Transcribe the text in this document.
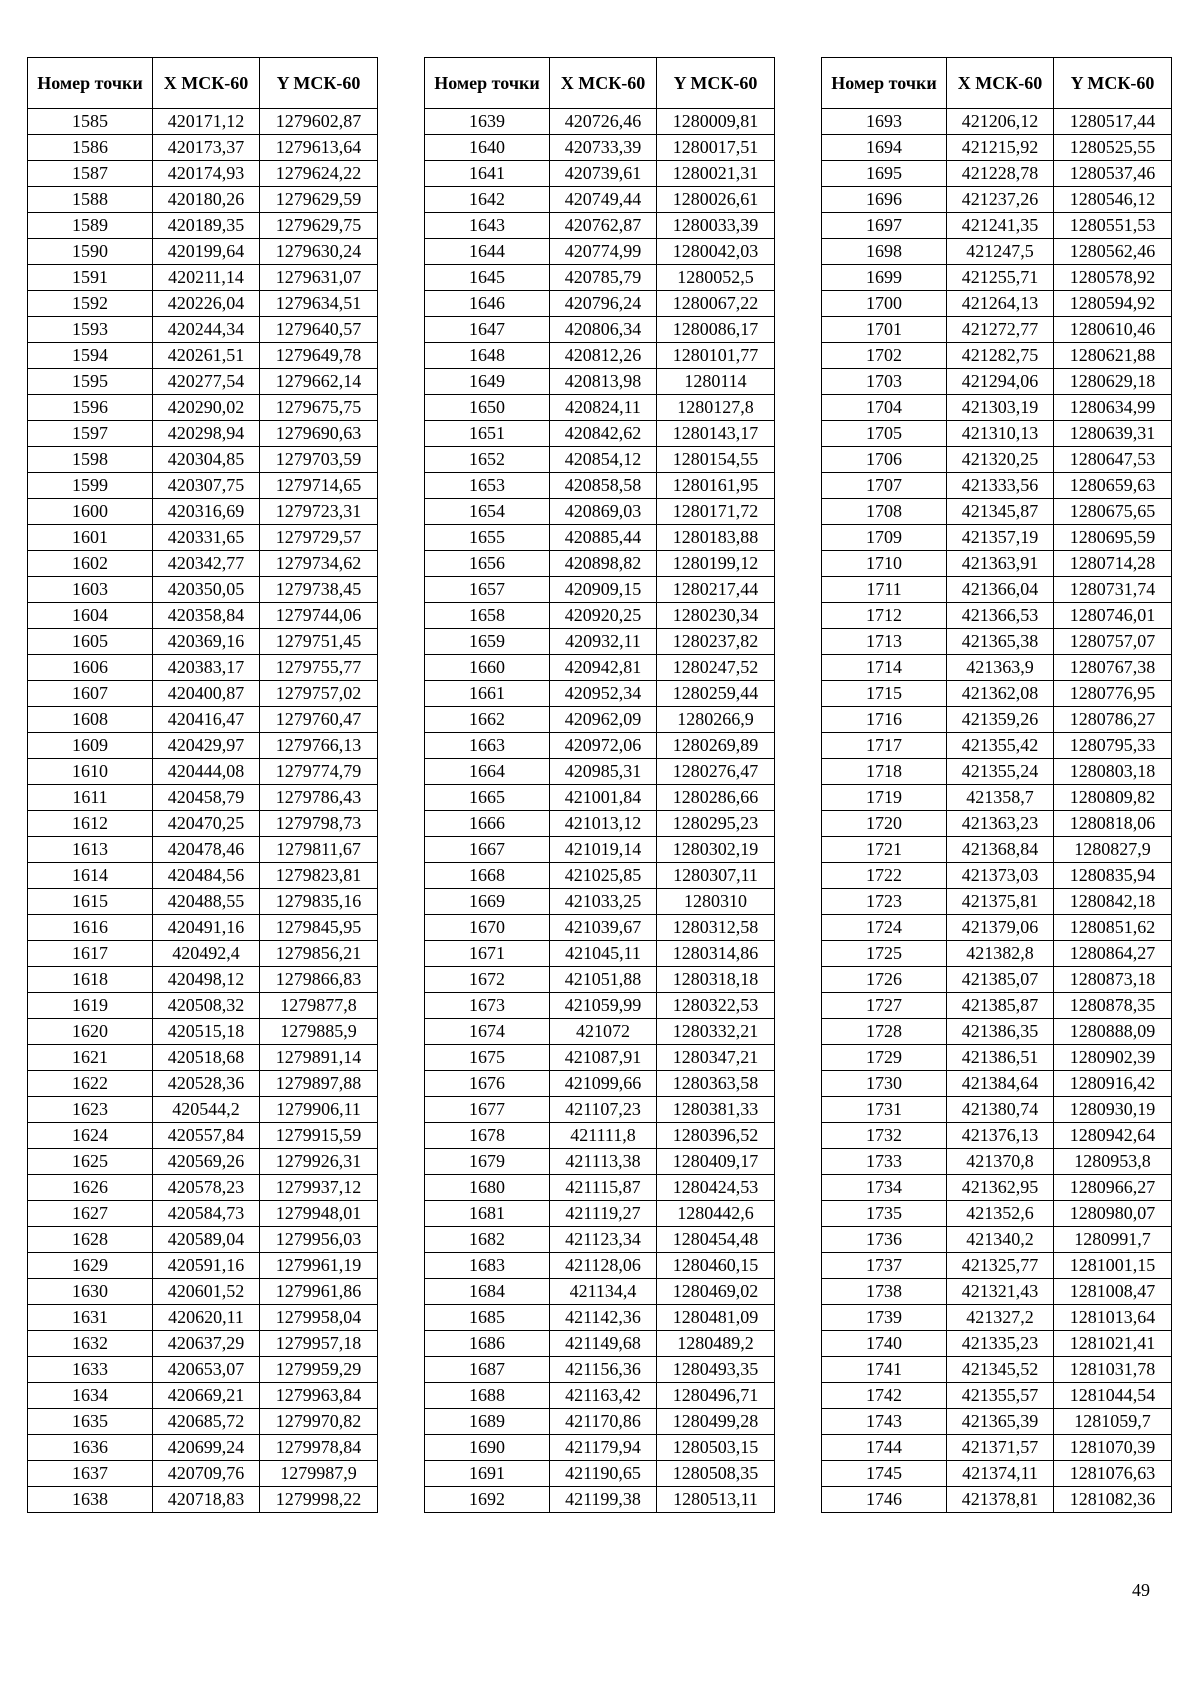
Номер точки	X МСК-60	Y МСК-60
1585	420171,12	1279602,87
1586	420173,37	1279613,64
1587	420174,93	1279624,22
1588	420180,26	1279629,59
1589	420189,35	1279629,75
1590	420199,64	1279630,24
1591	420211,14	1279631,07
1592	420226,04	1279634,51
1593	420244,34	1279640,57
1594	420261,51	1279649,78
1595	420277,54	1279662,14
1596	420290,02	1279675,75
1597	420298,94	1279690,63
1598	420304,85	1279703,59
1599	420307,75	1279714,65
1600	420316,69	1279723,31
1601	420331,65	1279729,57
1602	420342,77	1279734,62
1603	420350,05	1279738,45
1604	420358,84	1279744,06
1605	420369,16	1279751,45
1606	420383,17	1279755,77
1607	420400,87	1279757,02
1608	420416,47	1279760,47
1609	420429,97	1279766,13
1610	420444,08	1279774,79
1611	420458,79	1279786,43
1612	420470,25	1279798,73
1613	420478,46	1279811,67
1614	420484,56	1279823,81
1615	420488,55	1279835,16
1616	420491,16	1279845,95
1617	420492,4	1279856,21
1618	420498,12	1279866,83
1619	420508,32	1279877,8
1620	420515,18	1279885,9
1621	420518,68	1279891,14
1622	420528,36	1279897,88
1623	420544,2	1279906,11
1624	420557,84	1279915,59
1625	420569,26	1279926,31
1626	420578,23	1279937,12
1627	420584,73	1279948,01
1628	420589,04	1279956,03
1629	420591,16	1279961,19
1630	420601,52	1279961,86
1631	420620,11	1279958,04
1632	420637,29	1279957,18
1633	420653,07	1279959,29
1634	420669,21	1279963,84
1635	420685,72	1279970,82
1636	420699,24	1279978,84
1637	420709,76	1279987,9
1638	420718,83	1279998,22
Номер точки	X МСК-60	Y МСК-60
1639	420726,46	1280009,81
1640	420733,39	1280017,51
1641	420739,61	1280021,31
1642	420749,44	1280026,61
1643	420762,87	1280033,39
1644	420774,99	1280042,03
1645	420785,79	1280052,5
1646	420796,24	1280067,22
1647	420806,34	1280086,17
1648	420812,26	1280101,77
1649	420813,98	1280114
1650	420824,11	1280127,8
1651	420842,62	1280143,17
1652	420854,12	1280154,55
1653	420858,58	1280161,95
1654	420869,03	1280171,72
1655	420885,44	1280183,88
1656	420898,82	1280199,12
1657	420909,15	1280217,44
1658	420920,25	1280230,34
1659	420932,11	1280237,82
1660	420942,81	1280247,52
1661	420952,34	1280259,44
1662	420962,09	1280266,9
1663	420972,06	1280269,89
1664	420985,31	1280276,47
1665	421001,84	1280286,66
1666	421013,12	1280295,23
1667	421019,14	1280302,19
1668	421025,85	1280307,11
1669	421033,25	1280310
1670	421039,67	1280312,58
1671	421045,11	1280314,86
1672	421051,88	1280318,18
1673	421059,99	1280322,53
1674	421072	1280332,21
1675	421087,91	1280347,21
1676	421099,66	1280363,58
1677	421107,23	1280381,33
1678	421111,8	1280396,52
1679	421113,38	1280409,17
1680	421115,87	1280424,53
1681	421119,27	1280442,6
1682	421123,34	1280454,48
1683	421128,06	1280460,15
1684	421134,4	1280469,02
1685	421142,36	1280481,09
1686	421149,68	1280489,2
1687	421156,36	1280493,35
1688	421163,42	1280496,71
1689	421170,86	1280499,28
1690	421179,94	1280503,15
1691	421190,65	1280508,35
1692	421199,38	1280513,11
Номер точки	X МСК-60	Y МСК-60
1693	421206,12	1280517,44
1694	421215,92	1280525,55
1695	421228,78	1280537,46
1696	421237,26	1280546,12
1697	421241,35	1280551,53
1698	421247,5	1280562,46
1699	421255,71	1280578,92
1700	421264,13	1280594,92
1701	421272,77	1280610,46
1702	421282,75	1280621,88
1703	421294,06	1280629,18
1704	421303,19	1280634,99
1705	421310,13	1280639,31
1706	421320,25	1280647,53
1707	421333,56	1280659,63
1708	421345,87	1280675,65
1709	421357,19	1280695,59
1710	421363,91	1280714,28
1711	421366,04	1280731,74
1712	421366,53	1280746,01
1713	421365,38	1280757,07
1714	421363,9	1280767,38
1715	421362,08	1280776,95
1716	421359,26	1280786,27
1717	421355,42	1280795,33
1718	421355,24	1280803,18
1719	421358,7	1280809,82
1720	421363,23	1280818,06
1721	421368,84	1280827,9
1722	421373,03	1280835,94
1723	421375,81	1280842,18
1724	421379,06	1280851,62
1725	421382,8	1280864,27
1726	421385,07	1280873,18
1727	421385,87	1280878,35
1728	421386,35	1280888,09
1729	421386,51	1280902,39
1730	421384,64	1280916,42
1731	421380,74	1280930,19
1732	421376,13	1280942,64
1733	421370,8	1280953,8
1734	421362,95	1280966,27
1735	421352,6	1280980,07
1736	421340,2	1280991,7
1737	421325,77	1281001,15
1738	421321,43	1281008,47
1739	421327,2	1281013,64
1740	421335,23	1281021,41
1741	421345,52	1281031,78
1742	421355,57	1281044,54
1743	421365,39	1281059,7
1744	421371,57	1281070,39
1745	421374,11	1281076,63
1746	421378,81	1281082,36
49
